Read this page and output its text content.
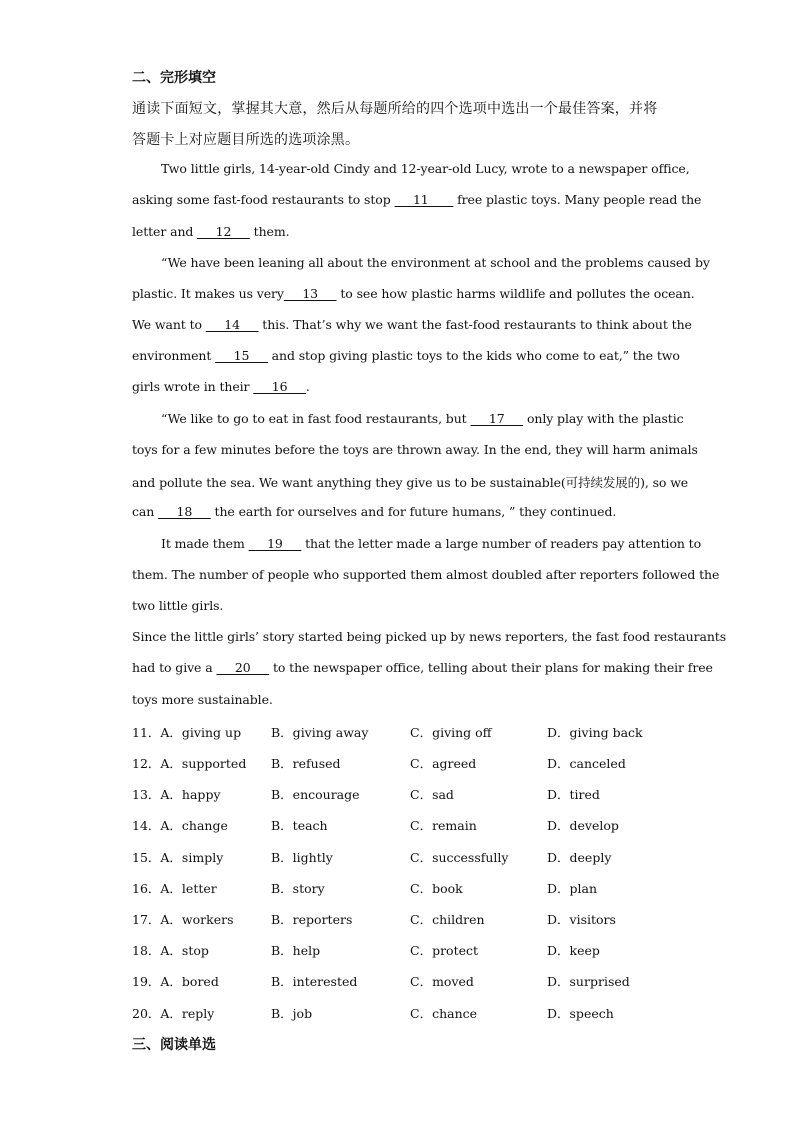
二、完形填空
通读下面短文，掌握其大意，然后从每题所给的四个选项中选出一个最佳答案，并将
答题卡上对应题目所选的选项涂黑。
Two little girls, 14-year-old Cindy and 12-year-old Lucy, wrote to a newspaper office,
asking some fast-food restaurants to stop ___11____ free plastic toys. Many people read the
letter and ___12___ them.
“We have been leaning all about the environment at school and the problems caused by
plastic. It makes us very___13___ to see how plastic harms wildlife and pollutes the ocean.
We want to ___14___ this. That’s why we want the fast-food restaurants to think about the
environment ___15___ and stop giving plastic toys to the kids who come to eat,” the two
girls wrote in their ___16___.
“We like to go to eat in fast food restaurants, but ___17___ only play with the plastic
toys for a few minutes before the toys are thrown away. In the end, they will harm animals
and pollute the sea. We want anything they give us to be sustainable(可持续发展的), so we
can ___18___ the earth for ourselves and for future humans, ” they continued.
It made them ___19___ that the letter made a large number of readers pay attention to
them. The number of people who supported them almost doubled after reporters followed the
two little girls.
Since the little girls’ story started being picked up by news reporters, the fast food restaurants
had to give a ___20___ to the newspaper office, telling about their plans for making their free
toys more sustainable.
11．A．giving up B．giving away	C．giving off	D．giving back
12．A．supported B．refused	C．agreed	D．canceled
13．A．happy	B．encourage	C．sad	D．tired
14．A．change	B．teach	C．remain	D．develop
15．A．simply	B．lightly	C．successfully	D．deeply
16．A．letter	B．story	C．book	D．plan
17．A．workers	B．reporters	C．children	D．visitors
18．A．stop	B．help	C．protect	D．keep
19．A．bored	B．interested	C．moved	D．surprised
20．A．reply	B．job	C．chance	D．speech
三、阅读单选
